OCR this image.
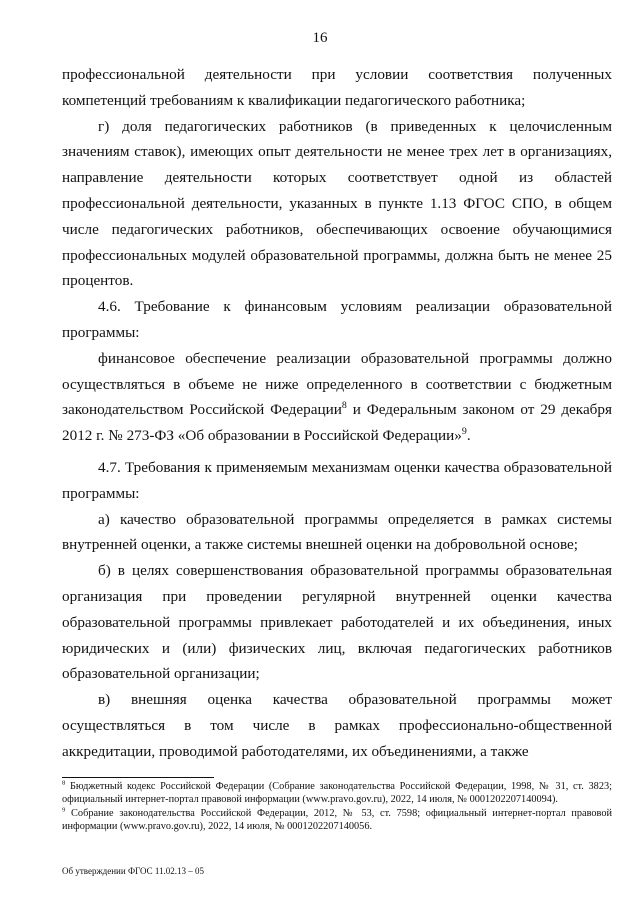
16

профессиональной деятельности при условии соответствия полученных компетенций требованиям к квалификации педагогического работника;

г) доля педагогических работников (в приведенных к целочисленным значениям ставок), имеющих опыт деятельности не менее трех лет в организациях, направление деятельности которых соответствует одной из областей профессиональной деятельности, указанных в пункте 1.13 ФГОС СПО, в общем числе педагогических работников, обеспечивающих освоение обучающимися профессиональных модулей образовательной программы, должна быть не менее 25 процентов.

4.6. Требование к финансовым условиям реализации образовательной программы:

финансовое обеспечение реализации образовательной программы должно осуществляться в объеме не ниже определенного в соответствии с бюджетным законодательством Российской Федерации$^8$ и Федеральным законом от 29 декабря 2012 г. № 273-ФЗ «Об образовании в Российской Федерации»$^9$.

4.7. Требования к применяемым механизмам оценки качества образовательной программы:

а) качество образовательной программы определяется в рамках системы внутренней оценки, а также системы внешней оценки на добровольной основе;

б) в целях совершенствования образовательной программы образовательная организация при проведении регулярной внутренней оценки качества образовательной программы привлекает работодателей и их объединения, иных юридических и (или) физических лиц, включая педагогических работников образовательной организации;

в) внешняя оценка качества образовательной программы может осуществляться в том числе в рамках профессионально-общественной аккредитации, проводимой работодателями, их объединениями, а также

$^8$ Бюджетный кодекс Российской Федерации (Собрание законодательства Российской Федерации, 1998, № 31, ст. 3823; официальный интернет-портал правовой информации (www.pravo.gov.ru), 2022, 14 июля, № 0001202207140094).

$^9$ Собрание законодательства Российской Федерации, 2012, № 53, ст. 7598; официальный интернет-портал правовой информации (www.pravo.gov.ru), 2022, 14 июля, № 0001202207140056.

Об утверждении ФГОС 11.02.13 – 05
